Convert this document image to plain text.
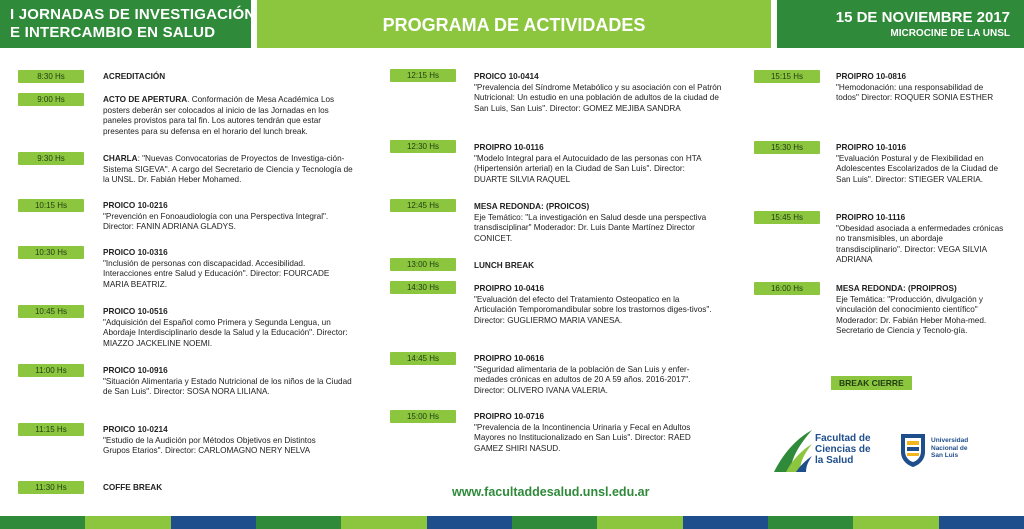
I JORNADAS DE INVESTIGACIÓN
E INTERCAMBIO EN SALUD	PROGRAMA DE ACTIVIDADES	15 DE NOVIEMBRE 2017
MICROCINE DE LA UNSL
8:30 Hs	ACREDITACIÓN
9:00 Hs	ACTO DE APERTURA. Conformación de Mesa Académica Los posters deberán ser colocados al inicio de las Jornadas en los paneles provistos para tal fin. Los autores tendrán que estar presentes para su defensa en el horario del lunch break.
9:30 Hs	CHARLA: "Nuevas Convocatorias de Proyectos de Investiga-ción- Sistema SIGEVA". A cargo del Secretario de Ciencia y Tecnología de la UNSL. Dr. Fabián Heber Mohamed.
10:15 Hs	PROICO 10-0216
"Prevención en Fonoaudiología con una Perspectiva Integral". Director: FANIN ADRIANA GLADYS.
10:30 Hs	PROICO 10-0316
"Inclusión de personas con discapacidad. Accesibilidad. Interacciones entre Salud y Educación". Director: FOURCADE MARIA BEATRIZ.
10:45 Hs	PROICO 10-0516
"Adquisición del Español como Primera y Segunda Lengua, un Abordaje Interdisciplinario desde la Salud y la Educación". Director: MIAZZO JACKELINE NOEMI.
11:00 Hs	PROICO 10-0916
"Situación Alimentaria y Estado Nutricional de los niños de la Ciudad de San Luis". Director: SOSA NORA LILIANA.
11:15 Hs	PROICO 10-0214
"Estudio de la Audición por Métodos Objetivos en Distintos Grupos Etarios". Director: CARLOMAGNO NERY NELVA
11:30 Hs	COFFE BREAK
12:15 Hs	PROICO 10-0414
"Prevalencia del Síndrome Metabólico y su asociación con el Patrón Nutricional: Un estudio en una población de adultos de la ciudad de San Luis, San Luis". Director: GOMEZ MEJIBA SANDRA
12:30 Hs	PROIPRO 10-0116
"Modelo Integral para el Autocuidado de las personas con HTA (Hipertensión arterial) en la Ciudad de San Luis". Director: DUARTE SILVIA RAQUEL
12:45 Hs	MESA REDONDA: (PROICOS)
Eje Temático: "La investigación en Salud desde una perspectiva transdisciplinar" Moderador: Dr. Luis Dante Martínez Director CONICET.
13:00 Hs	LUNCH BREAK
14:30 Hs	PROIPRO 10-0416
"Evaluación del efecto del Tratamiento Osteopatico en la Articulación Temporomandibular sobre los trastornos diges-tivos". Director: GUGLIERMO MARIA VANESA.
14:45 Hs	PROIPRO 10-0616
"Seguridad alimentaria de la población de San Luis y enfer-medades crónicas en adultos de 20 A 59 años. 2016-2017". Director: OLIVERO IVANA VALERIA.
15:00 Hs	PROIPRO 10-0716
"Prevalencia de la Incontinencia Urinaria y Fecal en Adultos Mayores no Institucionalizado en San Luis". Director: RAED GAMEZ SHIRI NASUD.
15:15 Hs	PROIPRO 10-0816
"Hemodonación: una responsabilidad de todos" Director: ROQUER SONIA ESTHER
15:30 Hs	PROIPRO 10-1016
"Evaluación Postural y de Flexibilidad en Adolescentes Escolarizados de la Ciudad de San Luis". Director: STIEGER VALERIA.
15:45 Hs	PROIPRO 10-1116
"Obesidad asociada a enfermedades crónicas no transmisibles, un abordaje transdisciplinario". Director: VEGA SILVIA ADRIANA
16:00 Hs	MESA REDONDA: (PROIPROS)
Eje Temática: "Producción, divulgación y vinculación del conocimiento científico" Moderador: Dr. Fabián Heber Moha-med. Secretario de Ciencia y Tecnolo-gía.
BREAK CIERRE
www.facultaddesalud.unsl.edu.ar
Facultad de
Ciencias de
la Salud
Universidad
Nacional de
San Luis
